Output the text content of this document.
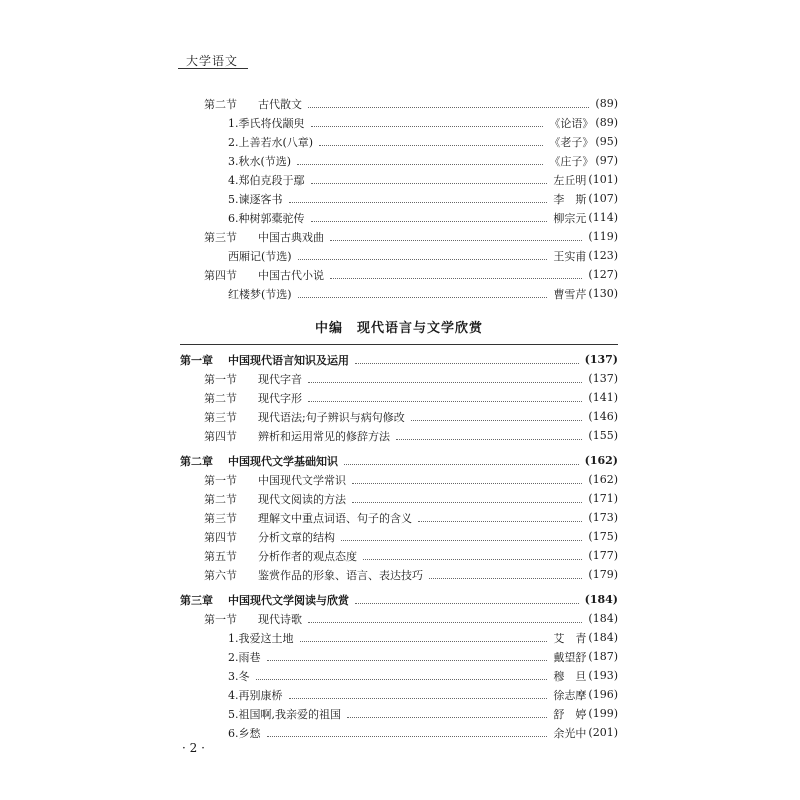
大学语文
第二节	古代散文	(89)
1.季氏将伐颛臾	《论语》 (89)
2.上善若水(八章)	《老子》 (95)
3.秋水(节选)	《庄子》 (97)
4.郑伯克段于鄢	左丘明 (101)
5.谏逐客书	李　斯 (107)
6.种树郭橐驼传	柳宗元 (114)
第三节	中国古典戏曲	(119)
西厢记(节选)	王实甫 (123)
第四节	中国古代小说	(127)
红楼梦(节选)	曹雪芹 (130)
中编　现代语言与文学欣赏
第一章	中国现代语言知识及运用	(137)
第一节	现代字音	(137)
第二节	现代字形	(141)
第三节	现代语法;句子辨识与病句修改	(146)
第四节	辨析和运用常见的修辞方法	(155)
第二章	中国现代文学基础知识	(162)
第一节	中国现代文学常识	(162)
第二节	现代文阅读的方法	(171)
第三节	理解文中重点词语、句子的含义	(173)
第四节	分析文章的结构	(175)
第五节	分析作者的观点态度	(177)
第六节	鉴赏作品的形象、语言、表达技巧	(179)
第三章	中国现代文学阅读与欣赏	(184)
第一节	现代诗歌	(184)
1.我爱这土地	艾　青 (184)
2.雨巷	戴望舒 (187)
3.冬	穆　旦 (193)
4.再别康桥	徐志摩 (196)
5.祖国啊,我亲爱的祖国	舒　婷 (199)
6.乡愁	余光中 (201)
· 2 ·
